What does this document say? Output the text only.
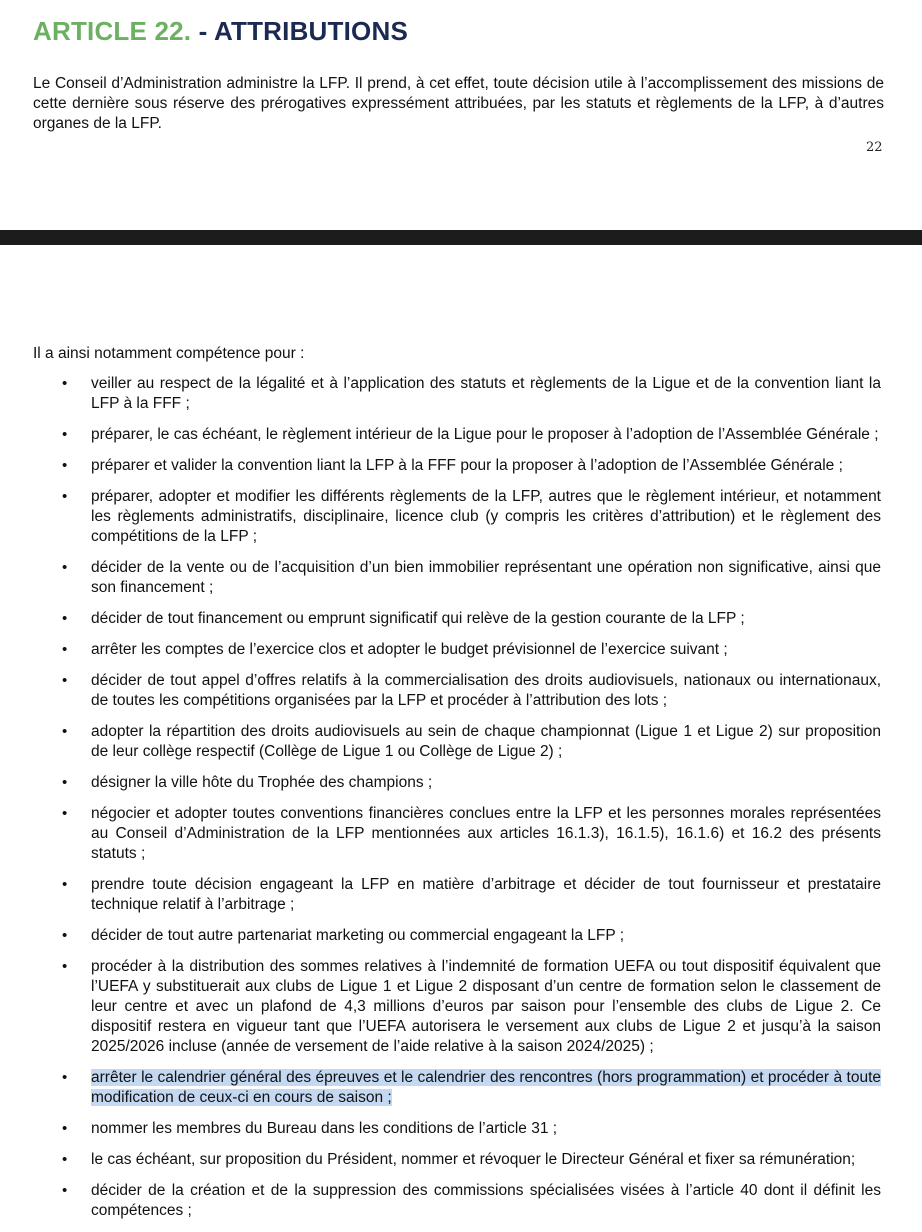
ARTICLE 22. - ATTRIBUTIONS

Le Conseil d’Administration administre la LFP. Il prend, à cet effet, toute décision utile à l’accomplissement des missions de cette dernière sous réserve des prérogatives expressément attribuées, par les statuts et règlements de la LFP, à d’autres organes de la LFP.

22

Il a ainsi notamment compétence pour :

• veiller au respect de la légalité et à l’application des statuts et règlements de la Ligue et de la convention liant la LFP à la FFF ;
• préparer, le cas échéant, le règlement intérieur de la Ligue pour le proposer à l’adoption de l’Assemblée Générale ;
• préparer et valider la convention liant la LFP à la FFF pour la proposer à l’adoption de l’Assemblée Générale ;
• préparer, adopter et modifier les différents règlements de la LFP, autres que le règlement intérieur, et notamment les règlements administratifs, disciplinaire, licence club (y compris les critères d’attribution) et le règlement des compétitions de la LFP ;
• décider de la vente ou de l’acquisition d’un bien immobilier représentant une opération non significative, ainsi que son financement ;
• décider de tout financement ou emprunt significatif qui relève de la gestion courante de la LFP ;
• arrêter les comptes de l’exercice clos et adopter le budget prévisionnel de l’exercice suivant ;
• décider de tout appel d’offres relatifs à la commercialisation des droits audiovisuels, nationaux ou internationaux, de toutes les compétitions organisées par la LFP et procéder à l’attribution des lots ;
• adopter la répartition des droits audiovisuels au sein de chaque championnat (Ligue 1 et Ligue 2) sur proposition de leur collège respectif (Collège de Ligue 1 ou Collège de Ligue 2) ;
• désigner la ville hôte du Trophée des champions ;
• négocier et adopter toutes conventions financières conclues entre la LFP et les personnes morales représentées au Conseil d’Administration de la LFP mentionnées aux articles 16.1.3), 16.1.5), 16.1.6) et 16.2 des présents statuts ;
• prendre toute décision engageant la LFP en matière d’arbitrage et décider de tout fournisseur et prestataire technique relatif à l’arbitrage ;
• décider de tout autre partenariat marketing ou commercial engageant la LFP ;
• procéder à la distribution des sommes relatives à l’indemnité de formation UEFA ou tout dispositif équivalent que l’UEFA y substituerait aux clubs de Ligue 1 et Ligue 2 disposant d’un centre de formation selon le classement de leur centre et avec un plafond de 4,3 millions d’euros par saison pour l’ensemble des clubs de Ligue 2. Ce dispositif restera en vigueur tant que l’UEFA autorisera le versement aux clubs de Ligue 2 et jusqu’à la saison 2025/2026 incluse (année de versement de l’aide relative à la saison 2024/2025) ;
• arrêter le calendrier général des épreuves et le calendrier des rencontres (hors programmation) et procéder à toute modification de ceux-ci en cours de saison ;
• nommer les membres du Bureau dans les conditions de l’article 31 ;
• le cas échéant, sur proposition du Président, nommer et révoquer le Directeur Général et fixer sa rémunération;
• décider de la création et de la suppression des commissions spécialisées visées à l’article 40 dont il définit les compétences ;
